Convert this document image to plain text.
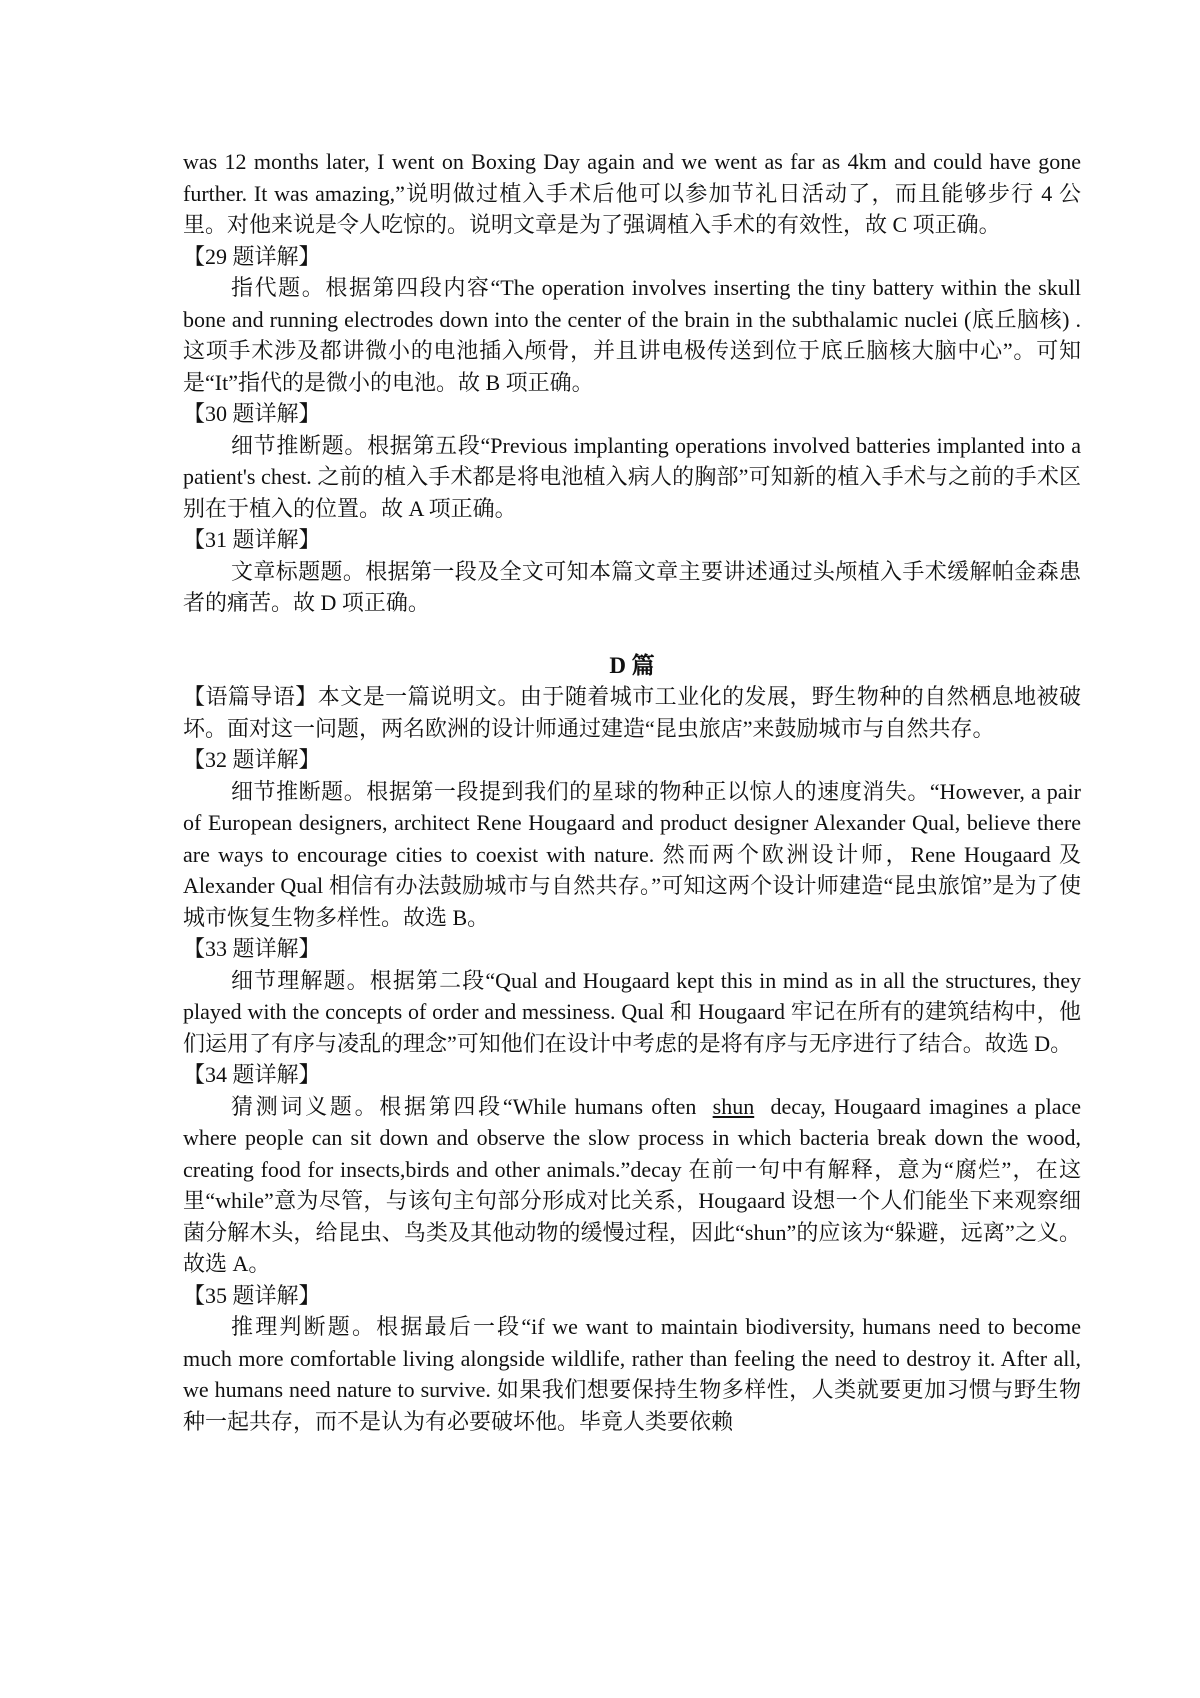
was 12 months later, I went on Boxing Day again and we went as far as 4km and could have gone further. It was amazing,”说明做过植入手术后他可以参加节礼日活动了，而且能够步行 4 公里。对他来说是令人吃惊的。说明文章是为了强调植入手术的有效性，故 C 项正确。

【29 题详解】

指代题。根据第四段内容“The operation involves inserting the tiny battery within the skull bone and running electrodes down into the center of the brain in the subthalamic nuclei (底丘脑核) .这项手术涉及都讲微小的电池插入颅骨，并且讲电极传送到位于底丘脑核大脑中心”。可知是“It”指代的是微小的电池。故 B 项正确。

【30 题详解】

细节推断题。根据第五段“Previous implanting operations involved batteries implanted into a patient's chest. 之前的植入手术都是将电池植入病人的胸部”可知新的植入手术与之前的手术区别在于植入的位置。故 A 项正确。

【31 题详解】

文章标题题。根据第一段及全文可知本篇文章主要讲述通过头颅植入手术缓解帕金森患者的痛苦。故 D 项正确。

D 篇

【语篇导语】本文是一篇说明文。由于随着城市工业化的发展，野生物种的自然栖息地被破坏。面对这一问题，两名欧洲的设计师通过建造“昆虫旅店”来鼓励城市与自然共存。

【32 题详解】

细节推断题。根据第一段提到我们的星球的物种正以惊人的速度消失。“However, a pair of European designers, architect Rene Hougaard and product designer Alexander Qual, believe there are ways to encourage cities to coexist with nature. 然而两个欧洲设计师，Rene Hougaard 及 Alexander Qual 相信有办法鼓励城市与自然共存。”可知这两个设计师建造“昆虫旅馆”是为了使城市恢复生物多样性。故选 B。

【33 题详解】

细节理解题。根据第二段“Qual and Hougaard kept this in mind as in all the structures, they played with the concepts of order and messiness. Qual 和 Hougaard 牢记在所有的建筑结构中，他们运用了有序与凌乱的理念”可知他们在设计中考虑的是将有序与无序进行了结合。故选 D。

【34 题详解】

猜测词义题。根据第四段“While humans often shun decay, Hougaard imagines a place where people can sit down and observe the slow process in which bacteria break down the wood, creating food for insects,birds and other animals.”decay 在前一句中有解释，意为“腐烂”，在这里“while”意为尽管，与该句主句部分形成对比关系，Hougaard 设想一个人们能坐下来观察细菌分解木头，给昆虫、鸟类及其他动物的缓慢过程，因此“shun”的应该为“躲避，远离”之义。故选 A。

【35 题详解】

推理判断题。根据最后一段“if we want to maintain biodiversity, humans need to become much more comfortable living alongside wildlife, rather than feeling the need to destroy it. After all, we humans need nature to survive. 如果我们想要保持生物多样性，人类就要更加习惯与野生物种一起共存，而不是认为有必要破坏他。毕竟人类要依赖
